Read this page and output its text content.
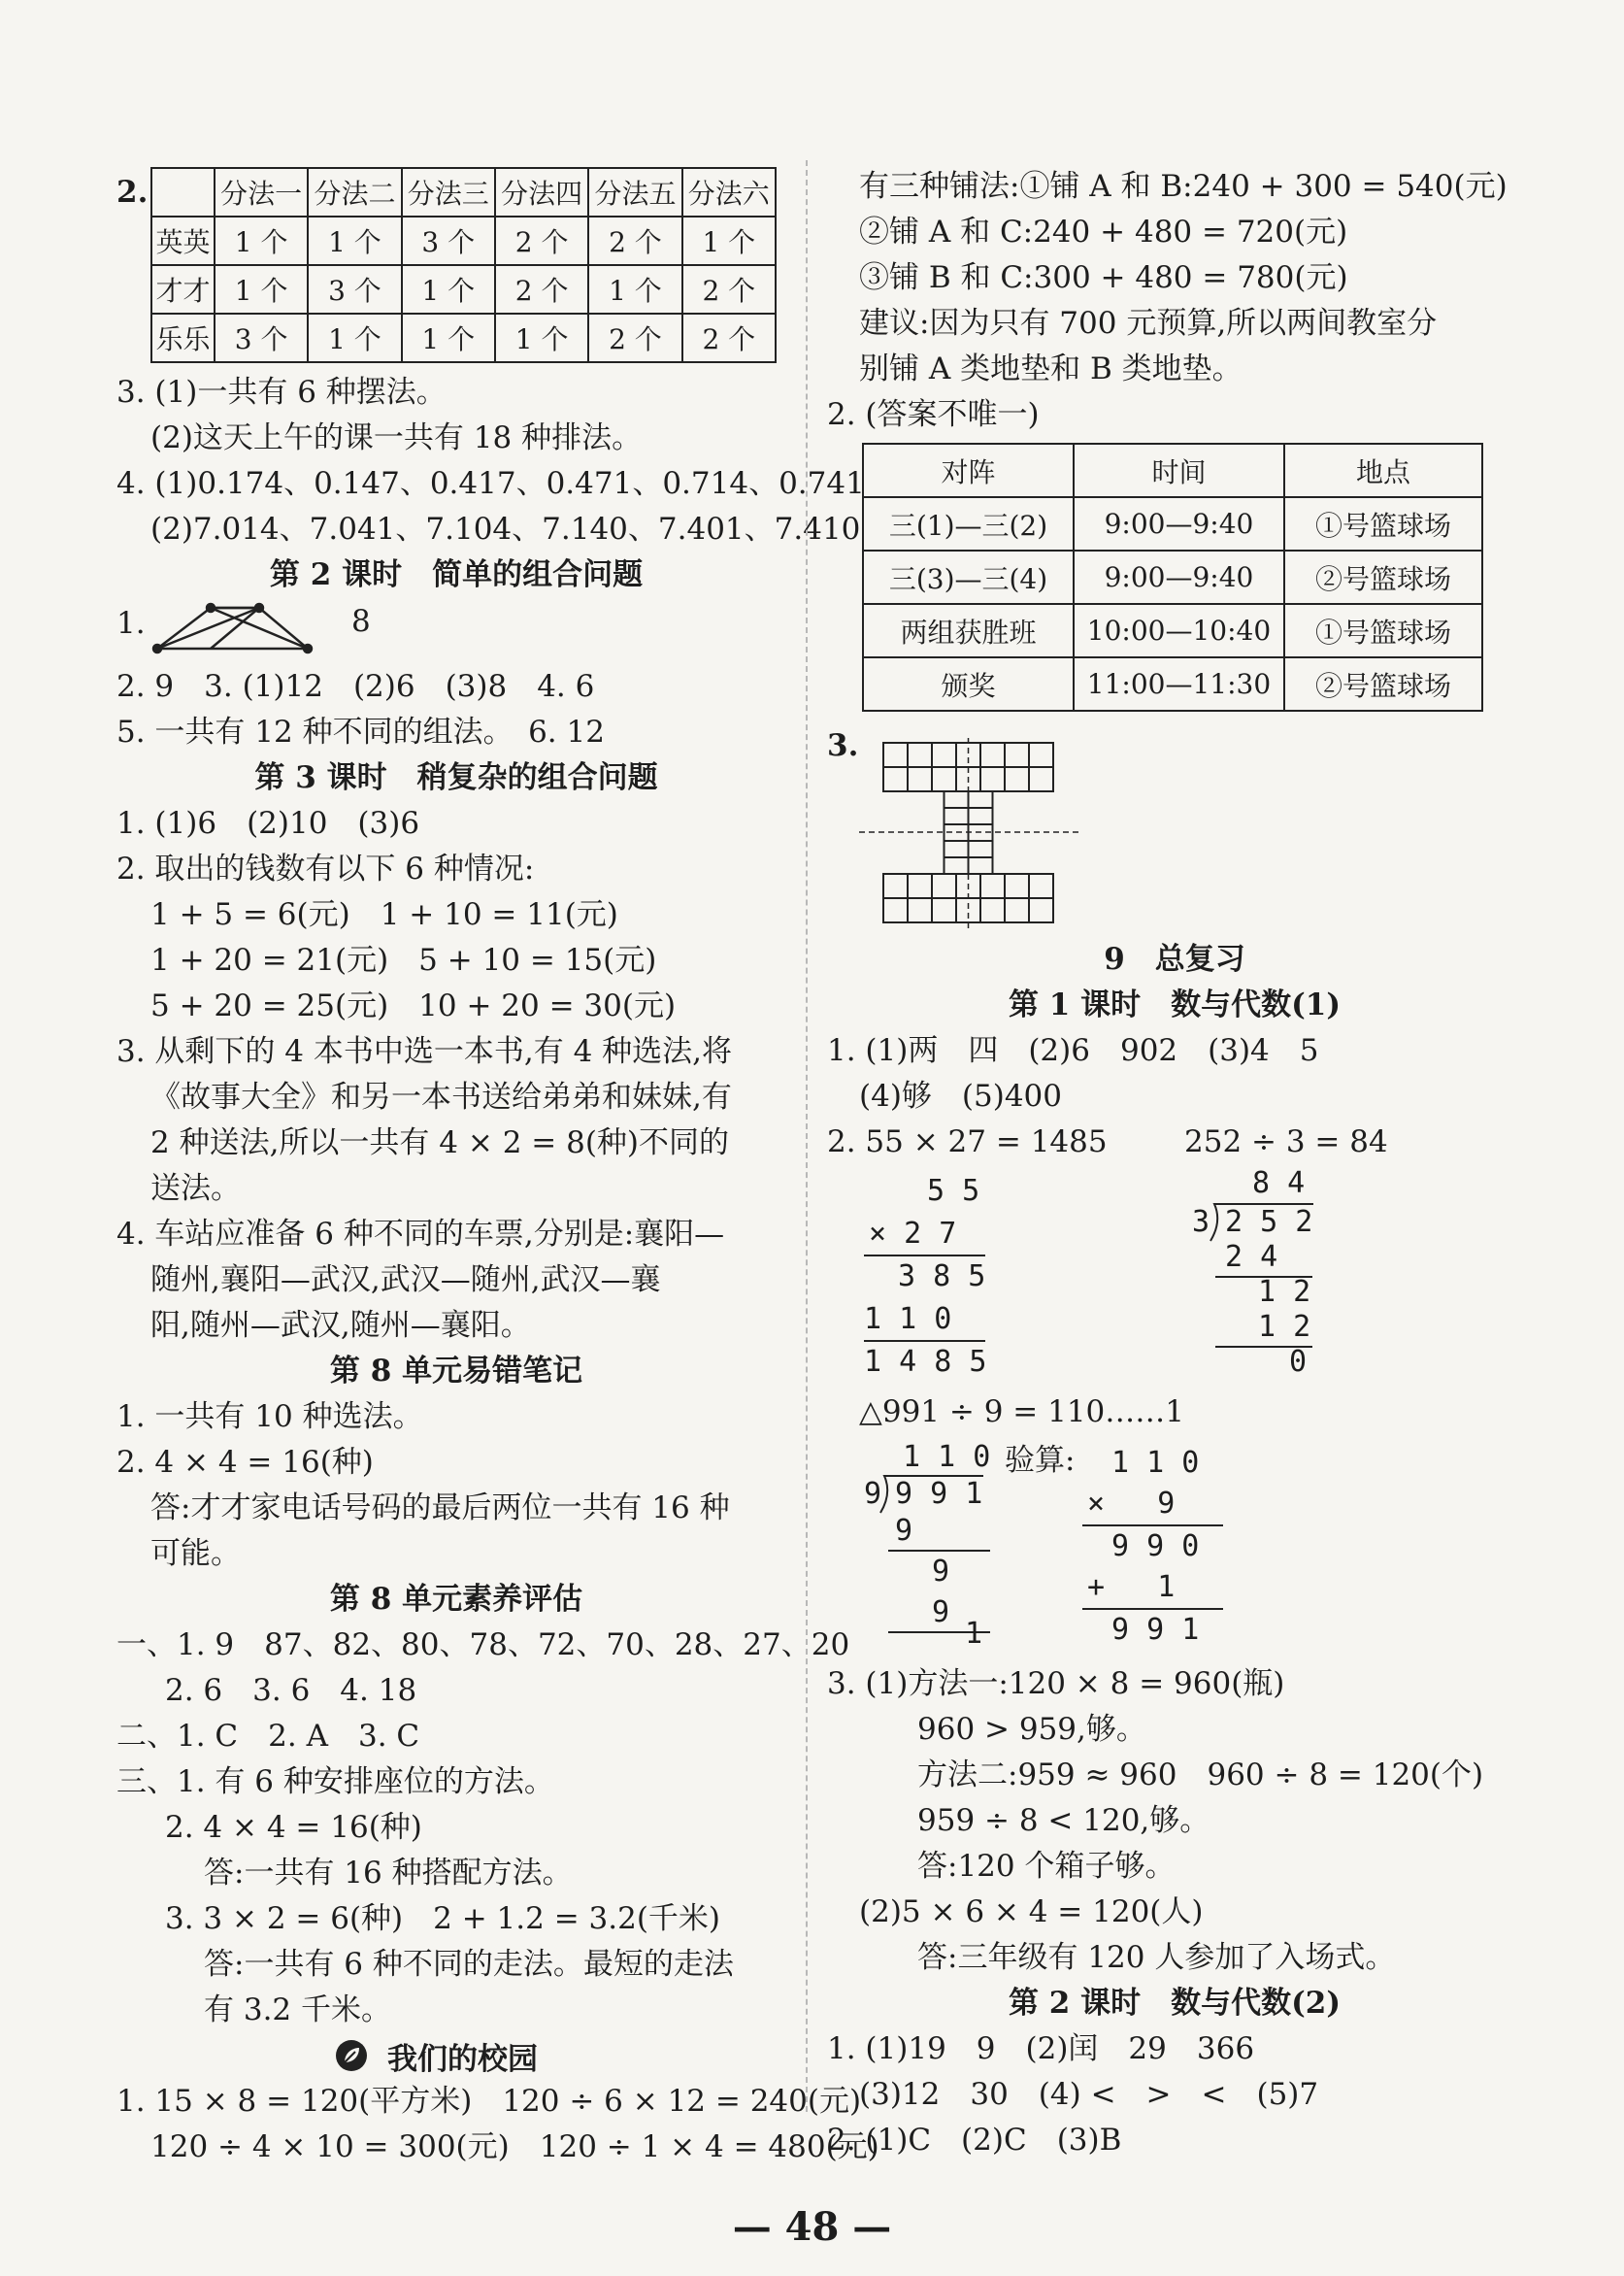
2.
		分法一	分法二	分法三	分法四	分法五	分法六
英英	1 个	1 个	3 个	2 个	2 个	1 个
才才	1 个	3 个	1 个	2 个	1 个	2 个
乐乐	3 个	1 个	1 个	1 个	2 个	2 个
3. (1)一共有 6 种摆法。
(2)这天上午的课一共有 18 种排法。
4. (1)0.174、0.147、0.417、0.471、0.714、0.741
(2)7.014、7.041、7.104、7.140、7.401、7.410
第 2 课时　简单的组合问题
1.	8
2. 9　3. (1)12　(2)6　(3)8　4. 6
5. 一共有 12 种不同的组法。　6. 12
第 3 课时　稍复杂的组合问题
1. (1)6　(2)10　(3)6
2. 取出的钱数有以下 6 种情况:
1 + 5 = 6(元)　1 + 10 = 11(元)
1 + 20 = 21(元)　5 + 10 = 15(元)
5 + 20 = 25(元)　10 + 20 = 30(元)
3. 从剩下的 4 本书中选一本书,有 4 种选法,将
《故事大全》和另一本书送给弟弟和妹妹,有
2 种送法,所以一共有 4 × 2 = 8(种)不同的
送法。
4. 车站应准备 6 种不同的车票,分别是:襄阳—
随州,襄阳—武汉,武汉—随州,武汉—襄
阳,随州—武汉,随州—襄阳。
第 8 单元易错笔记
1. 一共有 10 种选法。
2. 4 × 4 = 16(种)
答:才才家电话号码的最后两位一共有 16 种
可能。
第 8 单元素养评估
一、1. 9　87、82、80、78、72、70、28、27、20
2. 6　3. 6　4. 18
二、1. C　2. A　3. C
三、1. 有 6 种安排座位的方法。
2. 4 × 4 = 16(种)
答:一共有 16 种搭配方法。
3. 3 × 2 = 6(种)　2 + 1.2 = 3.2(千米)
答:一共有 6 种不同的走法。最短的走法
有 3.2 千米。
我们的校园
1. 15 × 8 = 120(平方米)　120 ÷ 6 × 12 = 240(元)
120 ÷ 4 × 10 = 300(元)　120 ÷ 1 × 4 = 480(元)
有三种铺法:①铺 A 和 B:240 + 300 = 540(元)
②铺 A 和 C:240 + 480 = 720(元)
③铺 B 和 C:300 + 480 = 780(元)
建议:因为只有 700 元预算,所以两间教室分
别铺 A 类地垫和 B 类地垫。
2. (答案不唯一)
对阵	时间	地点
三(1)—三(2)	9:00—9:40	①号篮球场
三(3)—三(4)	9:00—9:40	②号篮球场
两组获胜班	10:00—10:40	①号篮球场
颁奖	11:00—11:30	②号篮球场
3.
9　总复习
第 1 课时　数与代数(1)
1. (1)两　四　(2)6　902　(3)4　5
(4)够　(5)400
2. 55 × 27 = 1485	252 ÷ 3 = 84
5 5
× 2 7
3 8 5
1 1 0
1 4 8 5
8 4
3 2 5 2
2 4
1 2
1 2
0
△991 ÷ 9 = 110……1
1 1 0
9 9 9 1
9
9
9
1
验算: 1 1 0
×   9
9 9 0
+   1
9 9 1
3. (1)方法一:120 × 8 = 960(瓶)
960 > 959,够。
方法二:959 ≈ 960　960 ÷ 8 = 120(个)
959 ÷ 8 < 120,够。
答:120 个箱子够。
(2)5 × 6 × 4 = 120(人)
答:三年级有 120 人参加了入场式。
第 2 课时　数与代数(2)
1. (1)19　9　(2)闰　29　366
(3)12　30　(4) <　>　<　(5)7
2. (1)C　(2)C　(3)B
— 48 —
